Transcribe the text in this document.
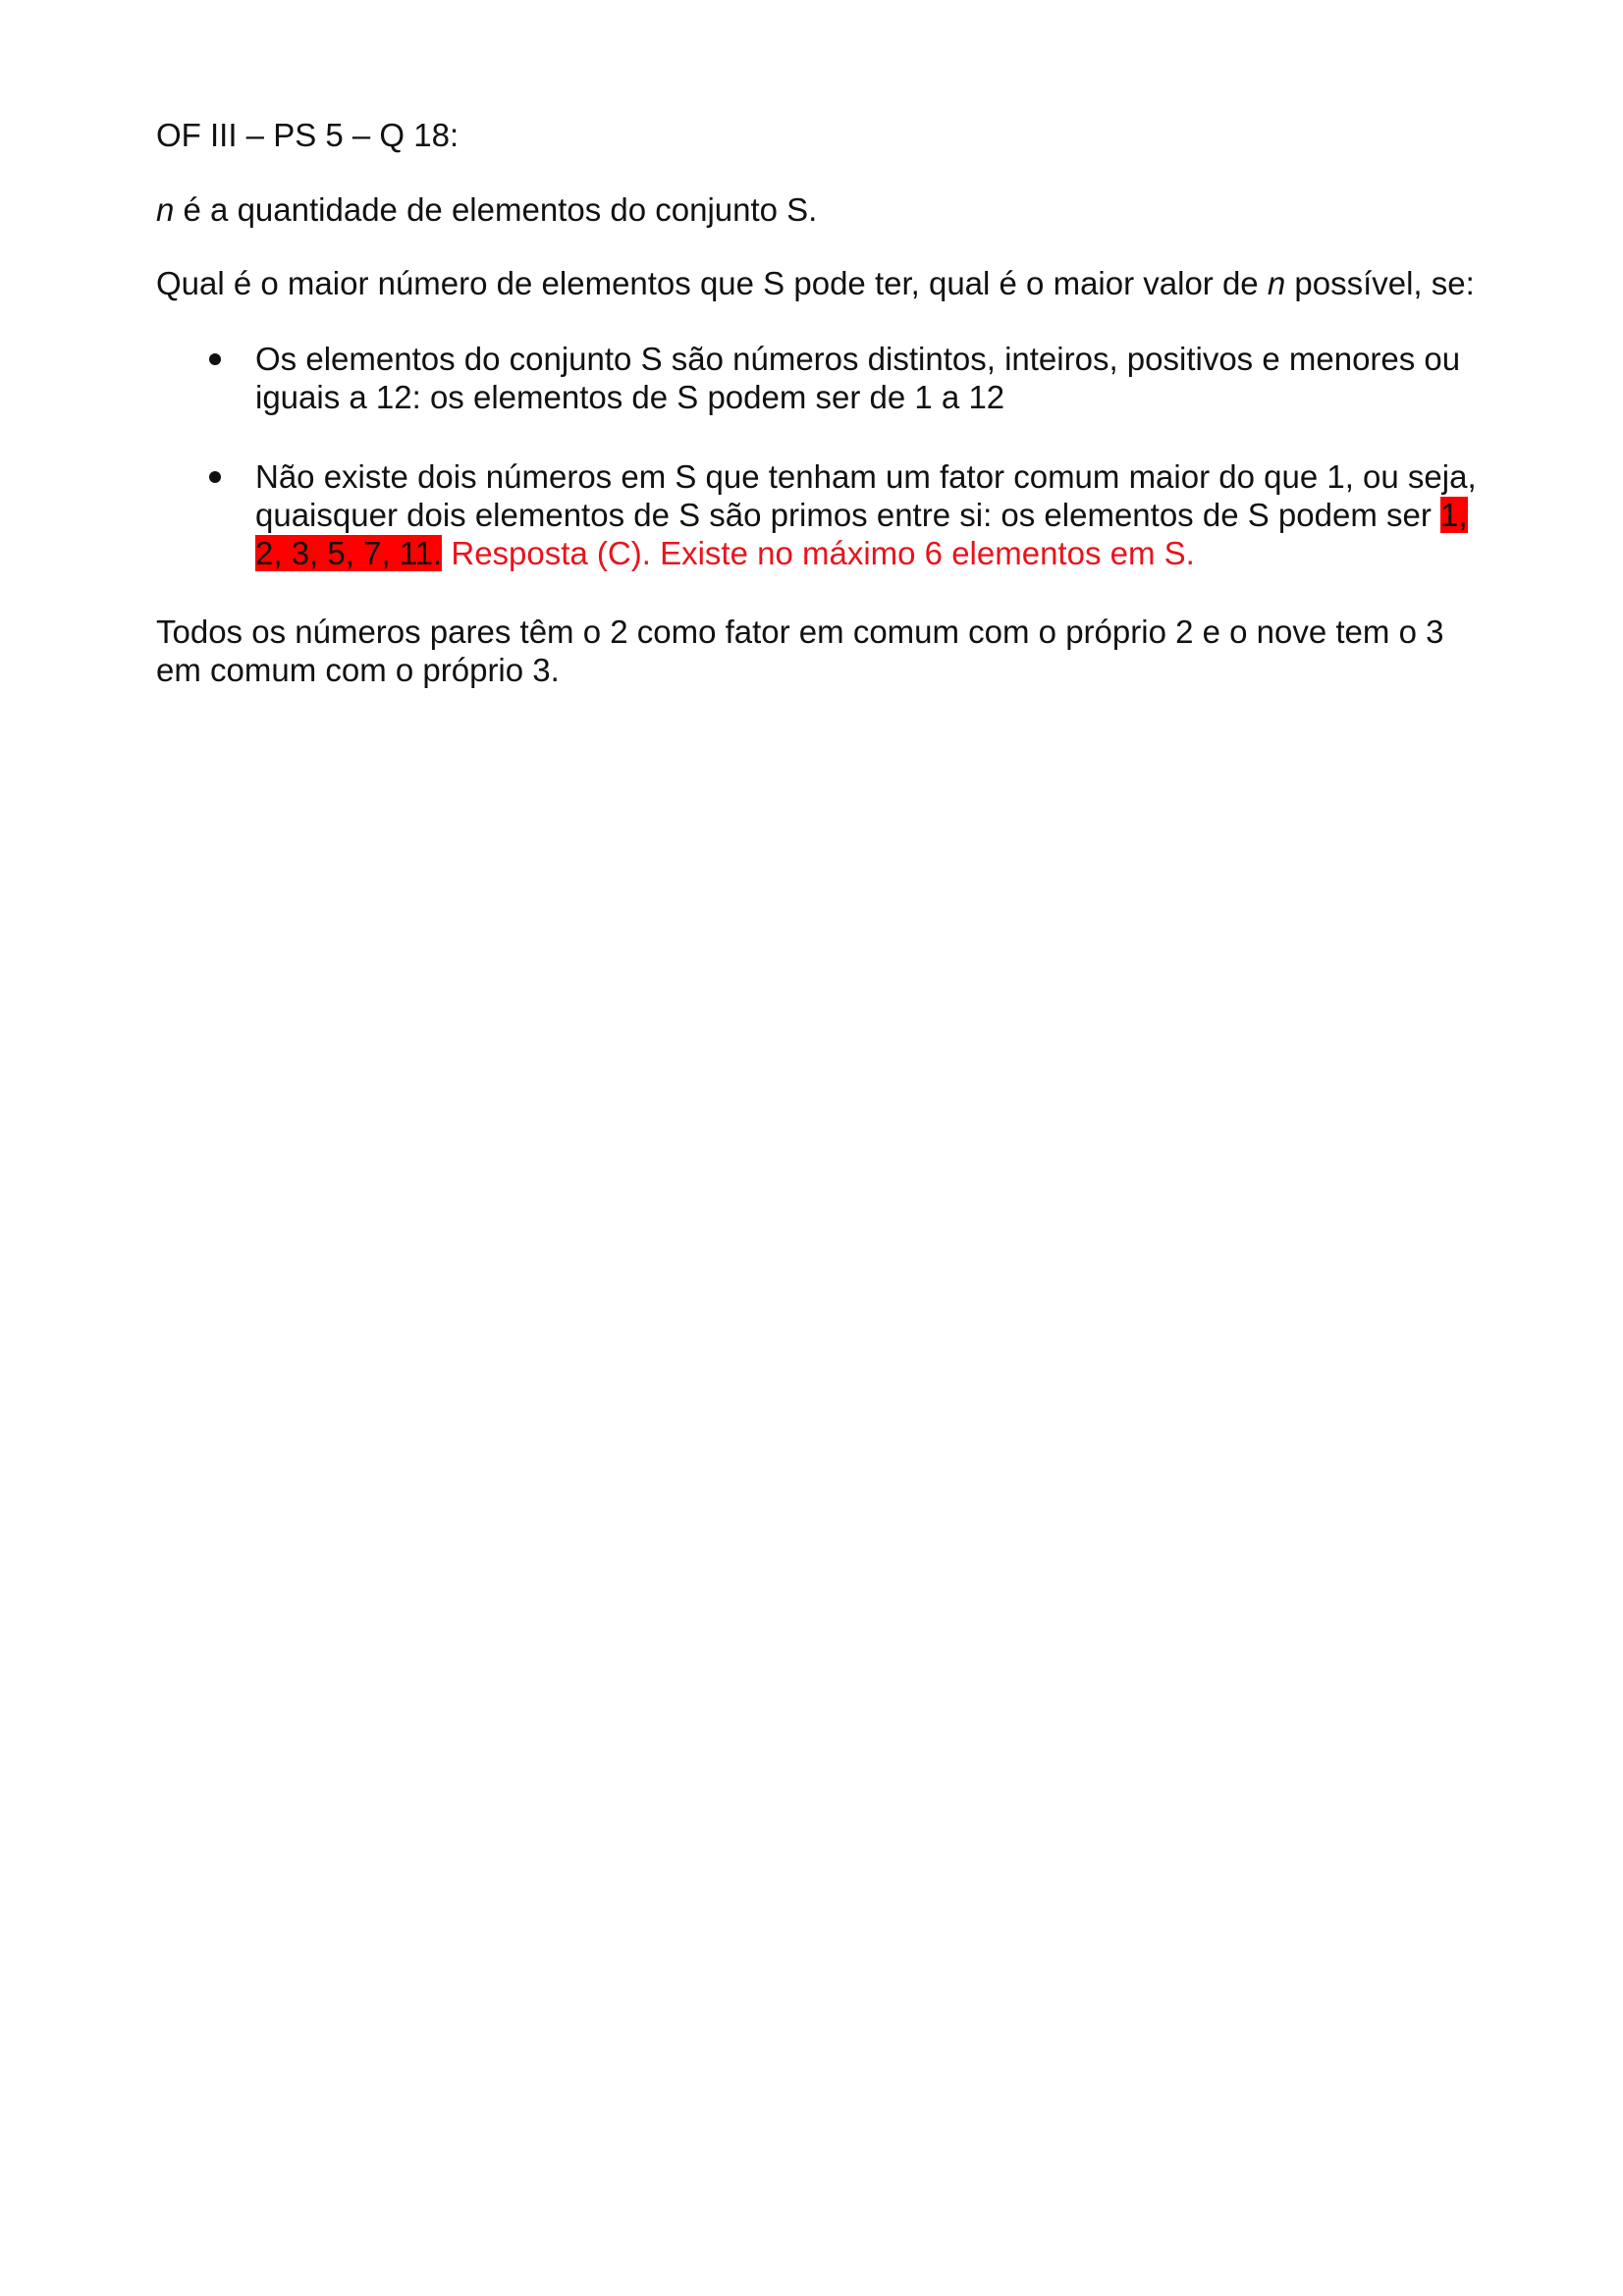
OF III – PS 5 – Q 18:

n é a quantidade de elementos do conjunto S.

Qual é o maior número de elementos que S pode ter, qual é o maior valor de n possível, se:

Os elementos do conjunto S são números distintos, inteiros, positivos e menores ou iguais a 12: os elementos de S podem ser de 1 a 12
Não existe dois números em S que tenham um fator comum maior do que 1, ou seja, quaisquer dois elementos de S são primos entre si: os elementos de S podem ser 1, 2, 3, 5, 7, 11. Resposta (C). Existe no máximo 6 elementos em S.

Todos os números pares têm o 2 como fator em comum com o próprio 2 e o nove tem o 3 em comum com o próprio 3.
